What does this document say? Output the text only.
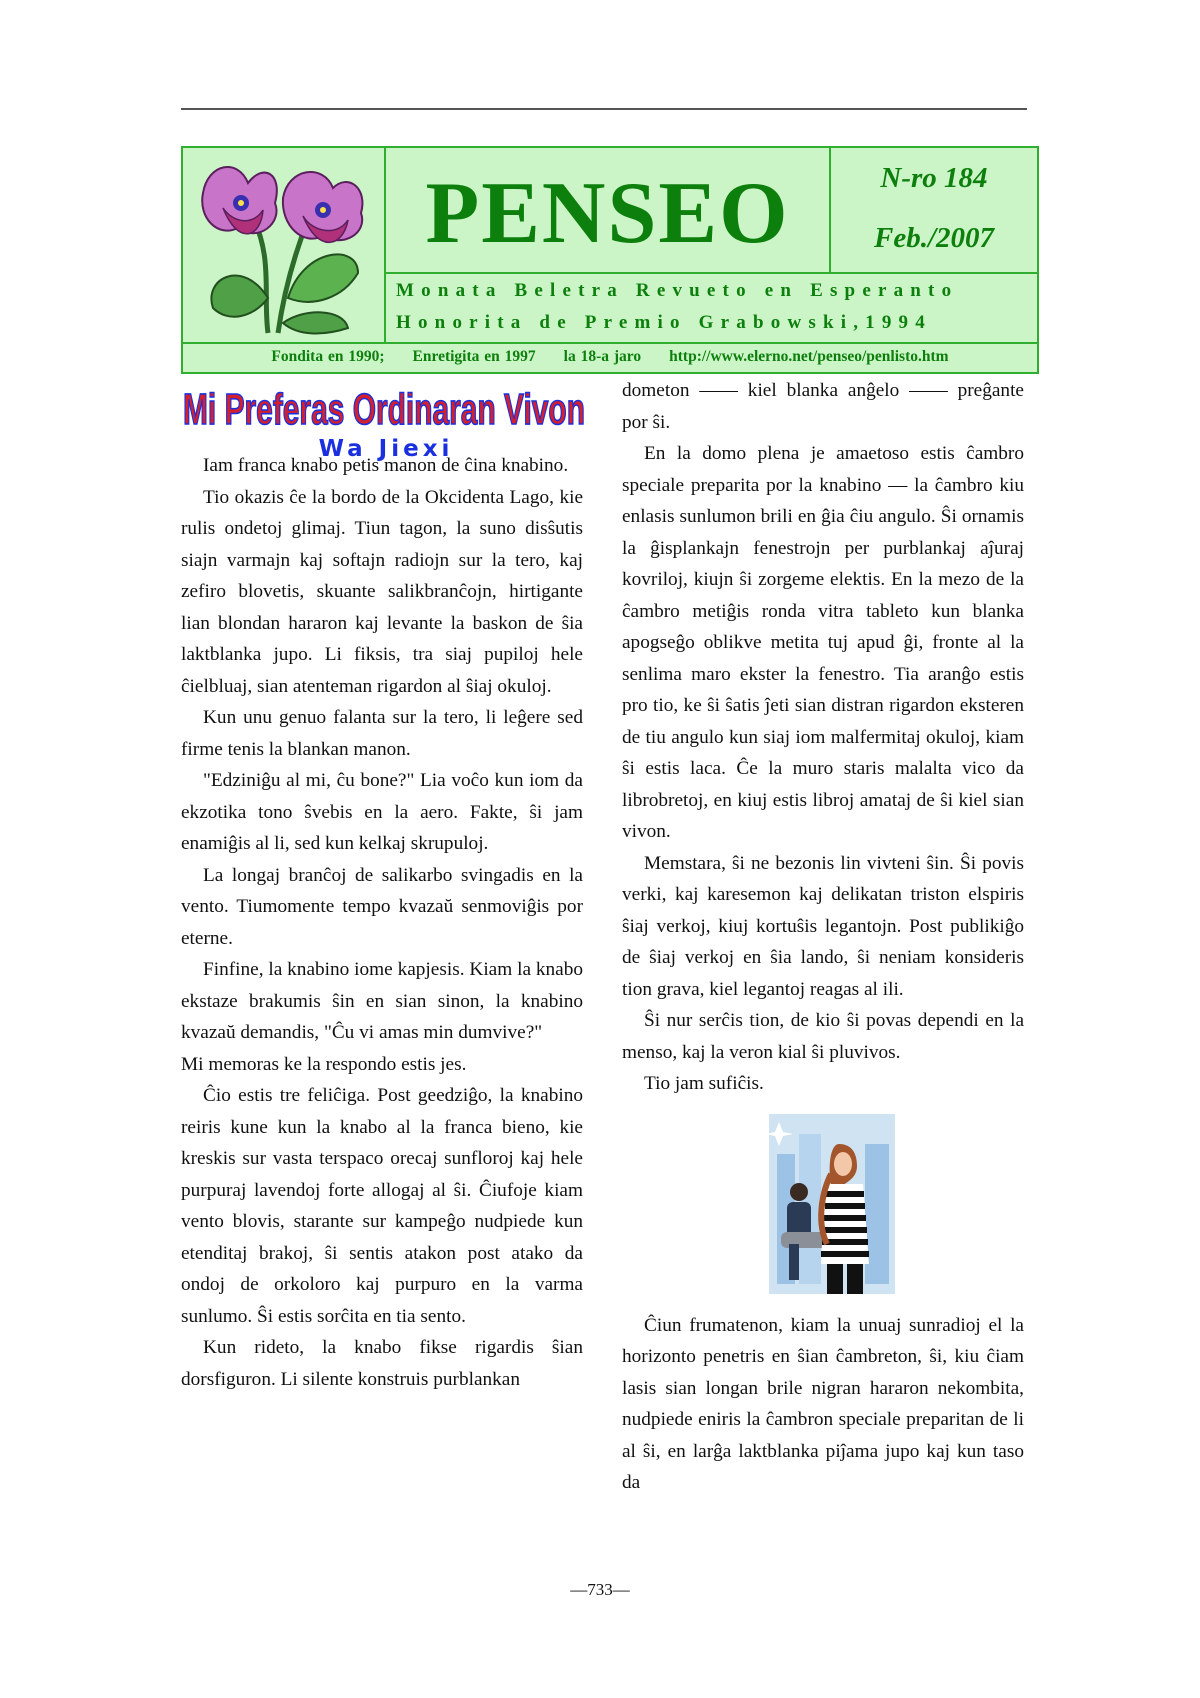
PENSEO	N-ro 184
Feb./2007
Monata Beletra Revueto en Esperanto
Honorita de Premio Grabowski,1994
Fondita en 1990; Enretigita en 1997 la 18-a jaro http://www.elerno.net/penseo/penlisto.htm
Mi Preferas Ordinaran Vivon
Wa Jiexi

Iam franca knabo petis manon de ĉina knabino.

Tio okazis ĉe la bordo de la Okcidenta Lago, kie rulis ondetoj glimaj. Tiun tagon, la suno disŝutis siajn varmajn kaj softajn radiojn sur la tero, kaj zefiro blovetis, skuante salikbranĉojn, hirtigante lian blondan hararon kaj levante la baskon de ŝia laktblanka jupo. Li fiksis, tra siaj pupiloj hele ĉielbluaj, sian atenteman rigardon al ŝiaj okuloj.

Kun unu genuo falanta sur la tero, li leĝere sed firme tenis la blankan manon.

"Edziniĝu al mi, ĉu bone?" Lia voĉo kun iom da ekzotika tono ŝvebis en la aero. Fakte, ŝi jam enamiĝis al li, sed kun kelkaj skrupuloj.

La longaj branĉoj de salikarbo svingadis en la vento. Tiumomente tempo kvazaŭ senmoviĝis por eterne.

Finfine, la knabino iome kapjesis. Kiam la knabo ekstaze brakumis ŝin en sian sinon, la knabino kvazaŭ demandis, "Ĉu vi amas min dumvive?"

Mi memoras ke la respondo estis jes.

Ĉio estis tre feliĉiga. Post geedziĝo, la knabino reiris kune kun la knabo al la franca bieno, kie kreskis sur vasta terspaco orecaj sunfloroj kaj hele purpuraj lavendoj forte allogaj al ŝi. Ĉiufoje kiam vento blovis, starante sur kampeĝo nudpiede kun etenditaj brakoj, ŝi sentis atakon post atako da ondoj de orkoloro kaj purpuro en la varma sunlumo. Ŝi estis sorĉita en tia sento.

Kun rideto, la knabo fikse rigardis ŝian dorsfiguron. Li silente konstruis purblankan

dometon —— kiel blanka anĝelo —— preĝante por ŝi.

En la domo plena je amaetoso estis ĉambro speciale preparita por la knabino — la ĉambro kiu enlasis sunlumon brili en ĝia ĉiu angulo. Ŝi ornamis la ĝisplankajn fenestrojn per purblankaj aĵuraj kovriloj, kiujn ŝi zorgeme elektis. En la mezo de la ĉambro metiĝis ronda vitra tableto kun blanka apogseĝo oblikve metita tuj apud ĝi, fronte al la senlima maro ekster la fenestro. Tia aranĝo estis pro tio, ke ŝi ŝatis ĵeti sian distran rigardon eksteren de tiu angulo kun siaj iom malfermitaj okuloj, kiam ŝi estis laca. Ĉe la muro staris malalta vico da librobretoj, en kiuj estis libroj amataj de ŝi kiel sian vivon.

Memstara, ŝi ne bezonis lin vivteni ŝin. Ŝi povis verki, kaj karesemon kaj delikatan triston elspiris ŝiaj verkoj, kiuj kortuŝis legantojn. Post publikiĝo de ŝiaj verkoj en ŝia lando, ŝi neniam konsideris tion grava, kiel legantoj reagas al ili.

Ŝi nur serĉis tion, de kio ŝi povas dependi en la menso, kaj la veron kial ŝi pluvivos.

Tio jam sufiĉis.

Ĉiun frumatenon, kiam la unuaj sunradioj el la horizonto penetris en ŝian ĉambreton, ŝi, kiu ĉiam lasis sian longan brile nigran hararon nekombita, nudpiede eniris la ĉambron speciale preparitan de li al ŝi, en larĝa laktblanka piĵama jupo kaj kun taso da

—733—
